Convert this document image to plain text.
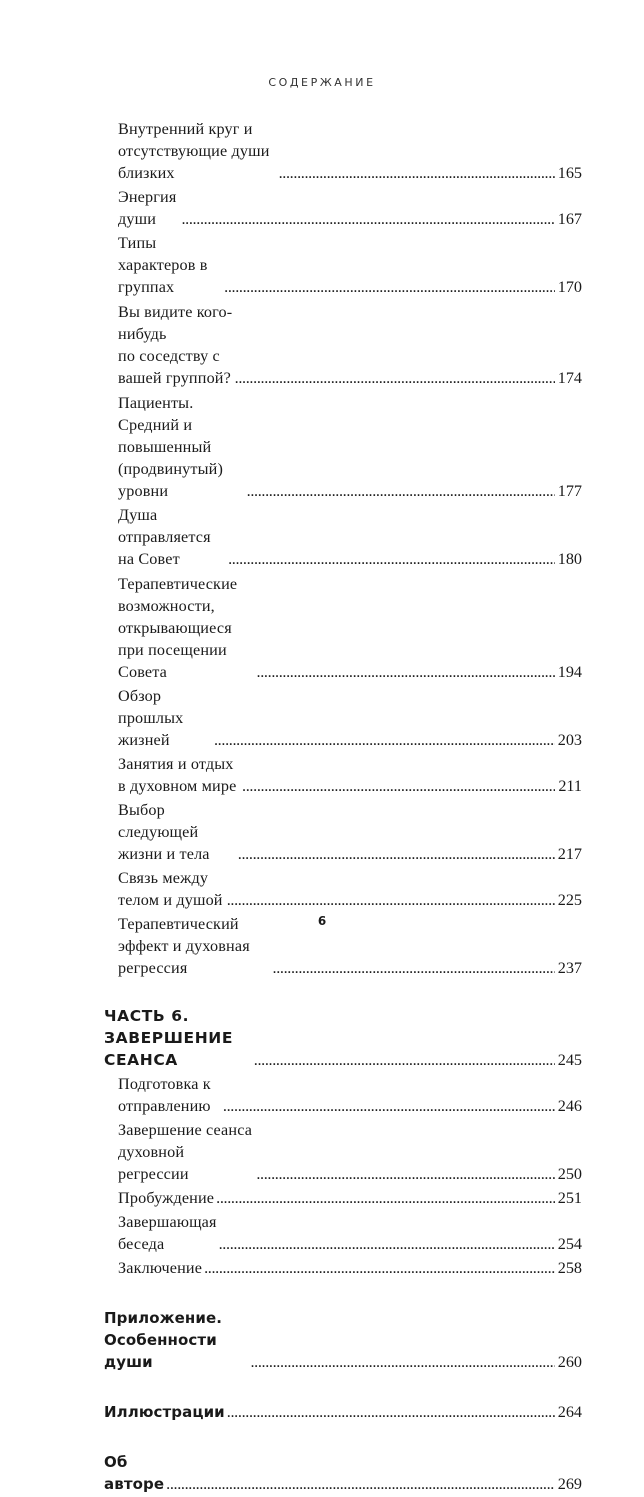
СОДЕРЖАНИЕ
Внутренний круг и отсутствующие души близких . . .	165
Энергия души . . .	167
Типы характеров в группах . . .	170
Вы видите кого-нибудь
по соседству с вашей группой? . . .	174
Пациенты. Средний и повышенный
(продвинутый) уровни . . .	177
Душа отправляется на Совет . . .	180
Терапевтические возможности,
открывающиеся при посещении Совета . . .	194
Обзор прошлых жизней . . .	203
Занятия и отдых в духовном мире . . .	211
Выбор следующей жизни и тела . . .	217
Связь между телом и душой . . .	225
Терапевтический эффект и духовная регрессия . . .	237
ЧАСТЬ 6. ЗАВЕРШЕНИЕ СЕАНСА . . .	245
Подготовка к отправлению . . .	246
Завершение сеанса духовной регрессии . . .	250
Пробуждение . . .	251
Завершающая беседа . . .	254
Заключение . . .	258
Приложение. Особенности души . . .	260
Иллюстрации . . .	264
Об авторе . . .	269
6
